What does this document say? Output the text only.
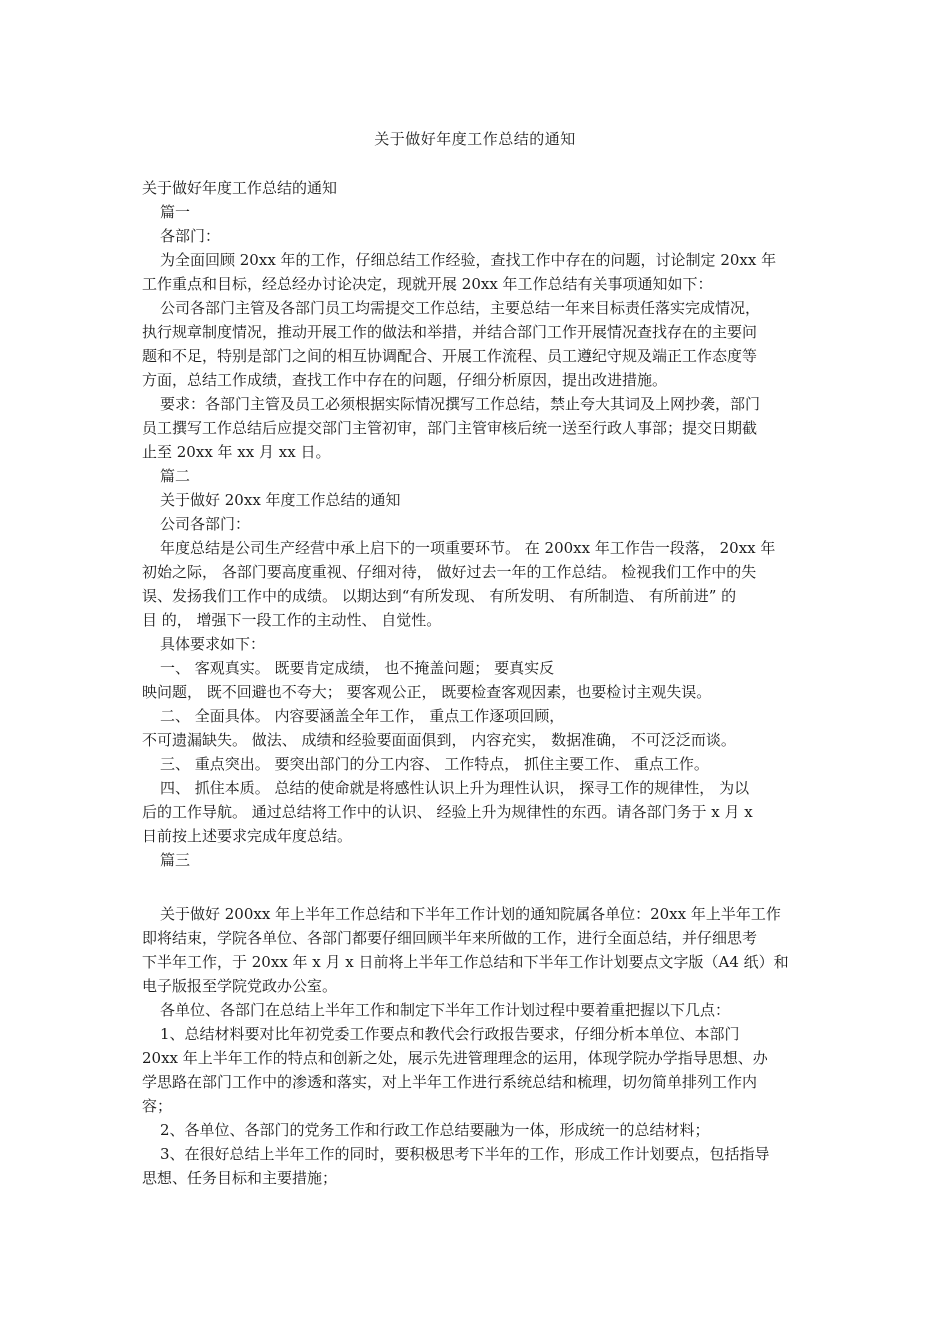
关于做好年度工作总结的通知
关于做好年度工作总结的通知
篇一
各部门：
为全面回顾 20xx 年的工作，仔细总结工作经验，查找工作中存在的问题，讨论制定 20xx 年
工作重点和目标，经总经办讨论决定，现就开展 20xx 年工作总结有关事项通知如下：
公司各部门主管及各部门员工均需提交工作总结，主要总结一年来目标责任落实完成情况，
执行规章制度情况，推动开展工作的做法和举措，并结合部门工作开展情况查找存在的主要问
题和不足，特别是部门之间的相互协调配合、开展工作流程、员工遵纪守规及端正工作态度等
方面，总结工作成绩，查找工作中存在的问题，仔细分析原因，提出改进措施。
要求：各部门主管及员工必须根据实际情况撰写工作总结，禁止夸大其词及上网抄袭，部门
员工撰写工作总结后应提交部门主管初审，部门主管审核后统一送至行政人事部；提交日期截
止至 20xx 年 xx 月 xx 日。
篇二
关于做好 20xx 年度工作总结的通知
公司各部门：
年度总结是公司生产经营中承上启下的一项重要环节。 在 200xx 年工作告一段落， 20xx 年
初始之际， 各部门要高度重视、仔细对待， 做好过去一年的工作总结。 检视我们工作中的失
误、发扬我们工作中的成绩。 以期达到“有所发现、 有所发明、 有所制造、 有所前进” 的
目 的， 增强下一段工作的主动性、 自觉性。
具体要求如下：
一、 客观真实。 既要肯定成绩， 也不掩盖问题； 要真实反
映问题， 既不回避也不夸大； 要客观公正， 既要检查客观因素，也要检讨主观失误。
二、 全面具体。 内容要涵盖全年工作， 重点工作逐项回顾，
不可遗漏缺失。 做法、 成绩和经验要面面俱到， 内容充实， 数据准确， 不可泛泛而谈。
三、 重点突出。 要突出部门的分工内容、 工作特点， 抓住主要工作、 重点工作。
四、 抓住本质。 总结的使命就是将感性认识上升为理性认识， 探寻工作的规律性， 为以
后的工作导航。 通过总结将工作中的认识、 经验上升为规律性的东西。请各部门务于 x 月 x
日前按上述要求完成年度总结。
篇三
关于做好 200xx 年上半年工作总结和下半年工作计划的通知院属各单位：20xx 年上半年工作
即将结束，学院各单位、各部门都要仔细回顾半年来所做的工作，进行全面总结，并仔细思考
下半年工作，于 20xx 年 x 月 x 日前将上半年工作总结和下半年工作计划要点文字版（A4 纸）和
电子版报至学院党政办公室。
各单位、各部门在总结上半年工作和制定下半年工作计划过程中要着重把握以下几点：
1、总结材料要对比年初党委工作要点和教代会行政报告要求，仔细分析本单位、本部门
20xx 年上半年工作的特点和创新之处，展示先进管理理念的运用，体现学院办学指导思想、办
学思路在部门工作中的渗透和落实，对上半年工作进行系统总结和梳理，切勿简单排列工作内
容；
2、各单位、各部门的党务工作和行政工作总结要融为一体，形成统一的总结材料；
3、在很好总结上半年工作的同时，要积极思考下半年的工作，形成工作计划要点，包括指导
思想、任务目标和主要措施；
